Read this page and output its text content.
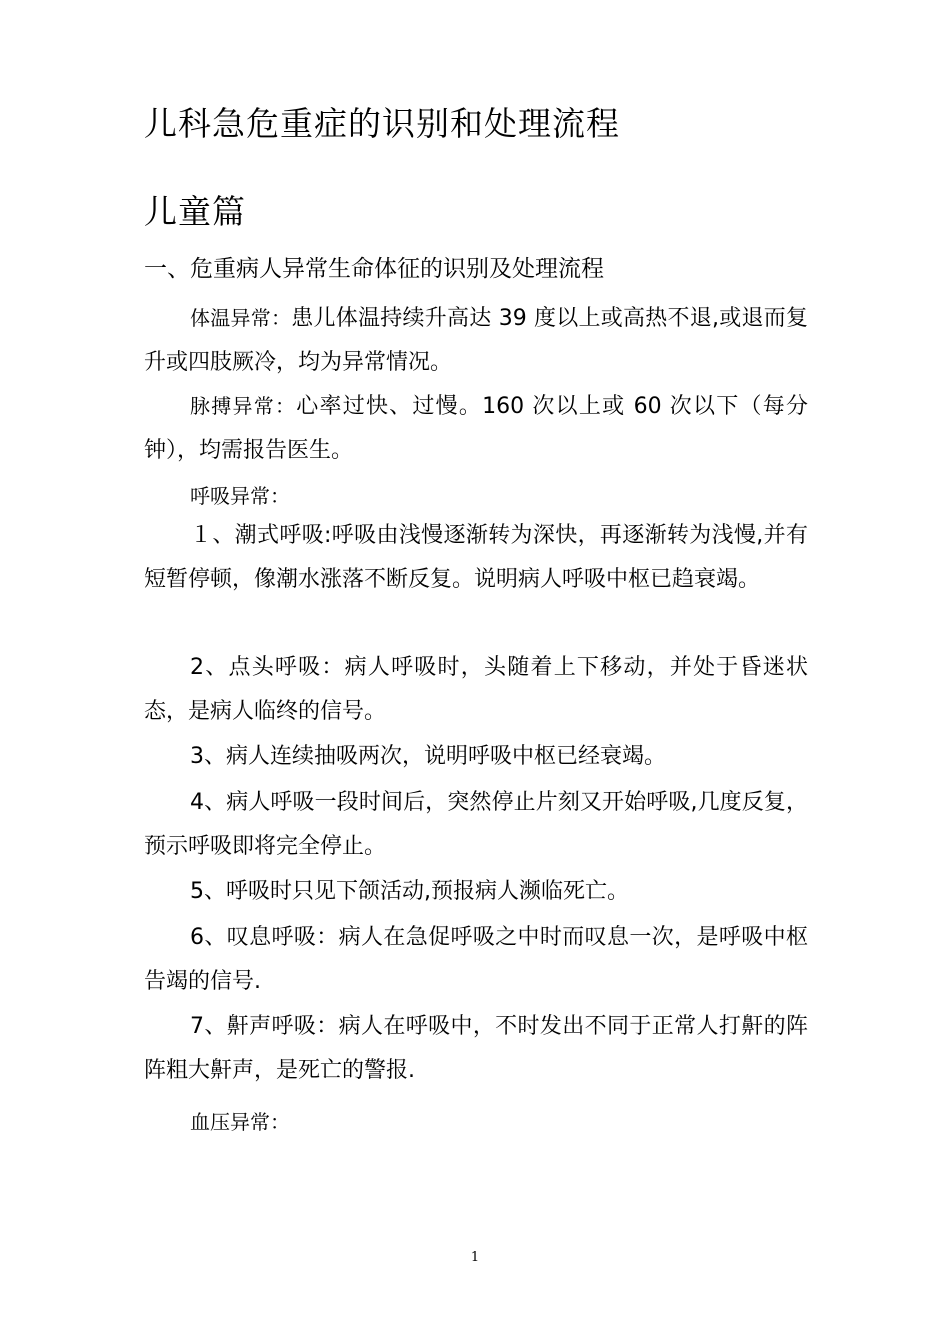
儿科急危重症的识别和处理流程
儿童篇
一、危重病人异常生命体征的识别及处理流程
体温异常：患儿体温持续升高达 39 度以上或高热不退,或退而复升或四肢厥冷，均为异常情况。
脉搏异常：心率过快、过慢。160 次以上或 60 次以下（每分钟），均需报告医生。
呼吸异常：
１、潮式呼吸:呼吸由浅慢逐渐转为深快，再逐渐转为浅慢,并有短暂停顿，像潮水涨落不断反复。说明病人呼吸中枢已趋衰竭。
2、点头呼吸：病人呼吸时，头随着上下移动，并处于昏迷状态，是病人临终的信号。
3、病人连续抽吸两次，说明呼吸中枢已经衰竭。
4、病人呼吸一段时间后，突然停止片刻又开始呼吸,几度反复，预示呼吸即将完全停止。
5、呼吸时只见下颌活动,预报病人濒临死亡。
6、叹息呼吸：病人在急促呼吸之中时而叹息一次，是呼吸中枢告竭的信号.
7、鼾声呼吸：病人在呼吸中，不时发出不同于正常人打鼾的阵阵粗大鼾声，是死亡的警报.
血压异常：
1
